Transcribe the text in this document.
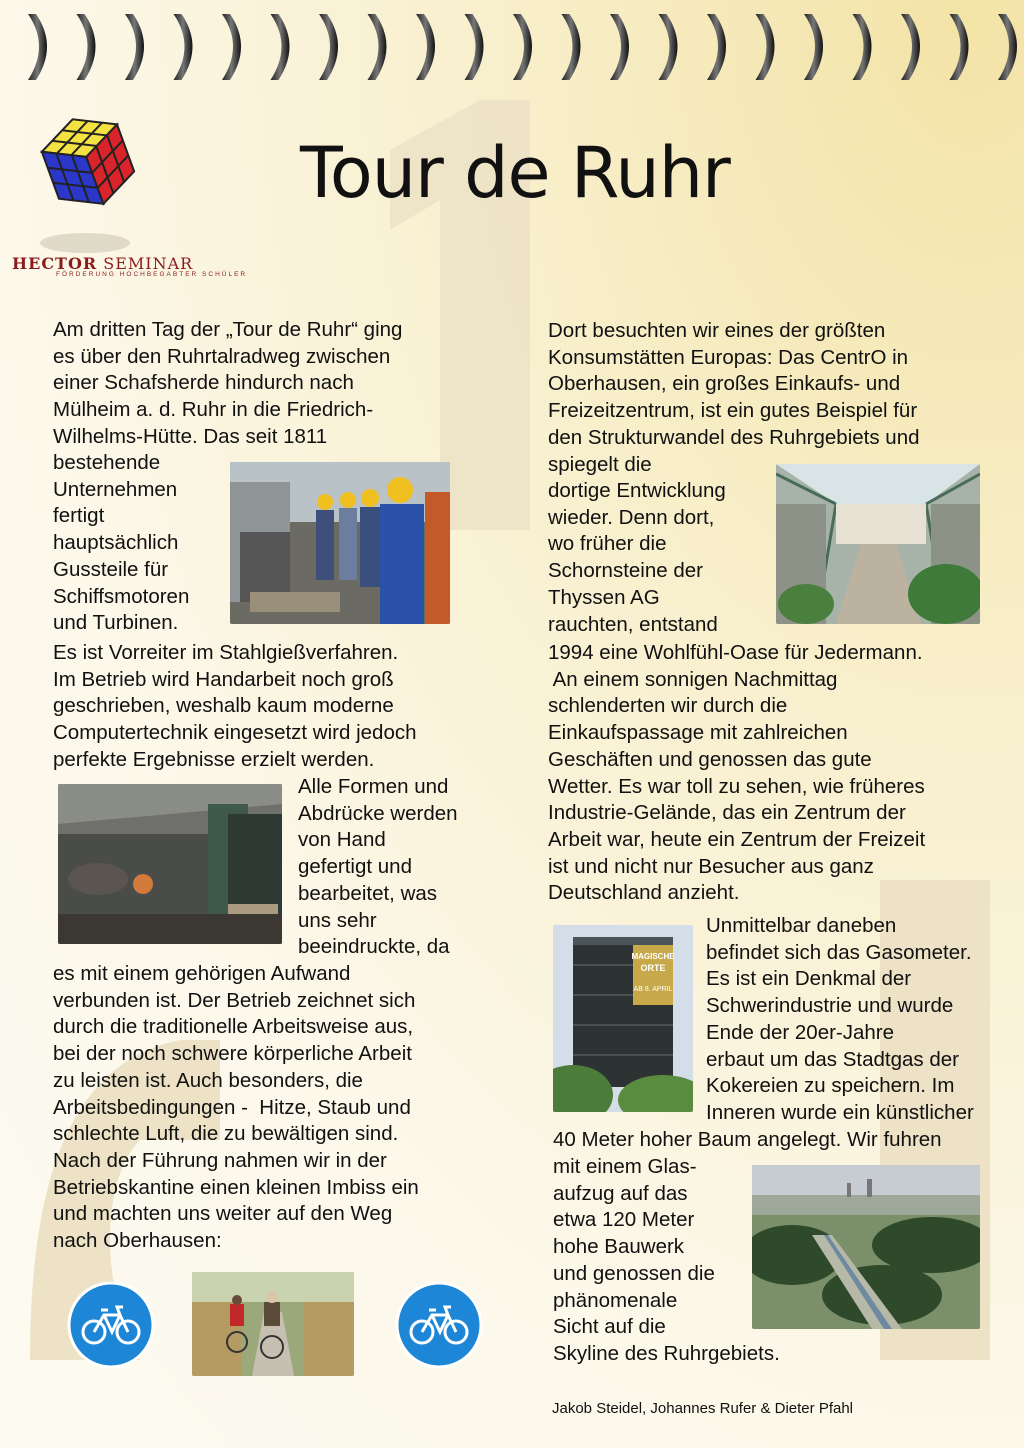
Tour de Ruhr
HECTOR SEMINAR
FÖRDERUNG HOCHBEGABTER SCHÜLER
Am dritten Tag der „Tour de Ruhr“ ging
es über den Ruhrtalradweg zwischen
einer Schafsherde hindurch nach
Mülheim a. d. Ruhr in die Friedrich-
Wilhelms-Hütte. Das seit 1811
bestehende
Unternehmen
fertigt
hauptsächlich
Gussteile für
Schiffsmotoren
und Turbinen.
Es ist Vorreiter im Stahlgießverfahren.
Im Betrieb wird Handarbeit noch groß
geschrieben, weshalb kaum moderne
Computertechnik eingesetzt wird jedoch
perfekte Ergebnisse erzielt werden.
Alle Formen und
Abdrücke werden
von Hand
gefertigt und
bearbeitet, was
uns sehr
beeindruckte, da
es mit einem gehörigen Aufwand
verbunden ist. Der Betrieb zeichnet sich
durch die traditionelle Arbeitsweise aus,
bei der noch schwere körperliche Arbeit
zu leisten ist. Auch besonders, die
Arbeitsbedingungen -  Hitze, Staub und
schlechte Luft, die zu bewältigen sind.
Nach der Führung nahmen wir in der
Betriebskantine einen kleinen Imbiss ein
und machten uns weiter auf den Weg
nach Oberhausen:
Dort besuchten wir eines der größten
Konsumstätten Europas: Das CentrO in
Oberhausen, ein großes Einkaufs- und
Freizeitzentrum, ist ein gutes Beispiel für
den Strukturwandel des Ruhrgebiets und
spiegelt die
dortige Entwicklung
wieder. Denn dort,
wo früher die
Schornsteine der
Thyssen AG
rauchten, entstand
1994 eine Wohlfühl-Oase für Jedermann.
An einem sonnigen Nachmittag
schlenderten wir durch die
Einkaufspassage mit zahlreichen
Geschäften und genossen das gute
Wetter. Es war toll zu sehen, wie früheres
Industrie-Gelände, das ein Zentrum der
Arbeit war, heute ein Zentrum der Freizeit
ist und nicht nur Besucher aus ganz
Deutschland anzieht.
Unmittelbar daneben
befindet sich das Gasometer.
Es ist ein Denkmal der
Schwerindustrie und wurde
Ende der 20er-Jahre
erbaut um das Stadtgas der
Kokereien zu speichern. Im
Inneren wurde ein künstlicher
40 Meter hoher Baum angelegt. Wir fuhren
mit einem Glas-
aufzug auf das
etwa 120 Meter
hohe Bauwerk
und genossen die
phänomenale
Sicht auf die
Skyline des Ruhrgebiets.
MAGISCHE
ORTE
AB 8. APRIL
Jakob Steidel, Johannes Rufer & Dieter Pfahl
